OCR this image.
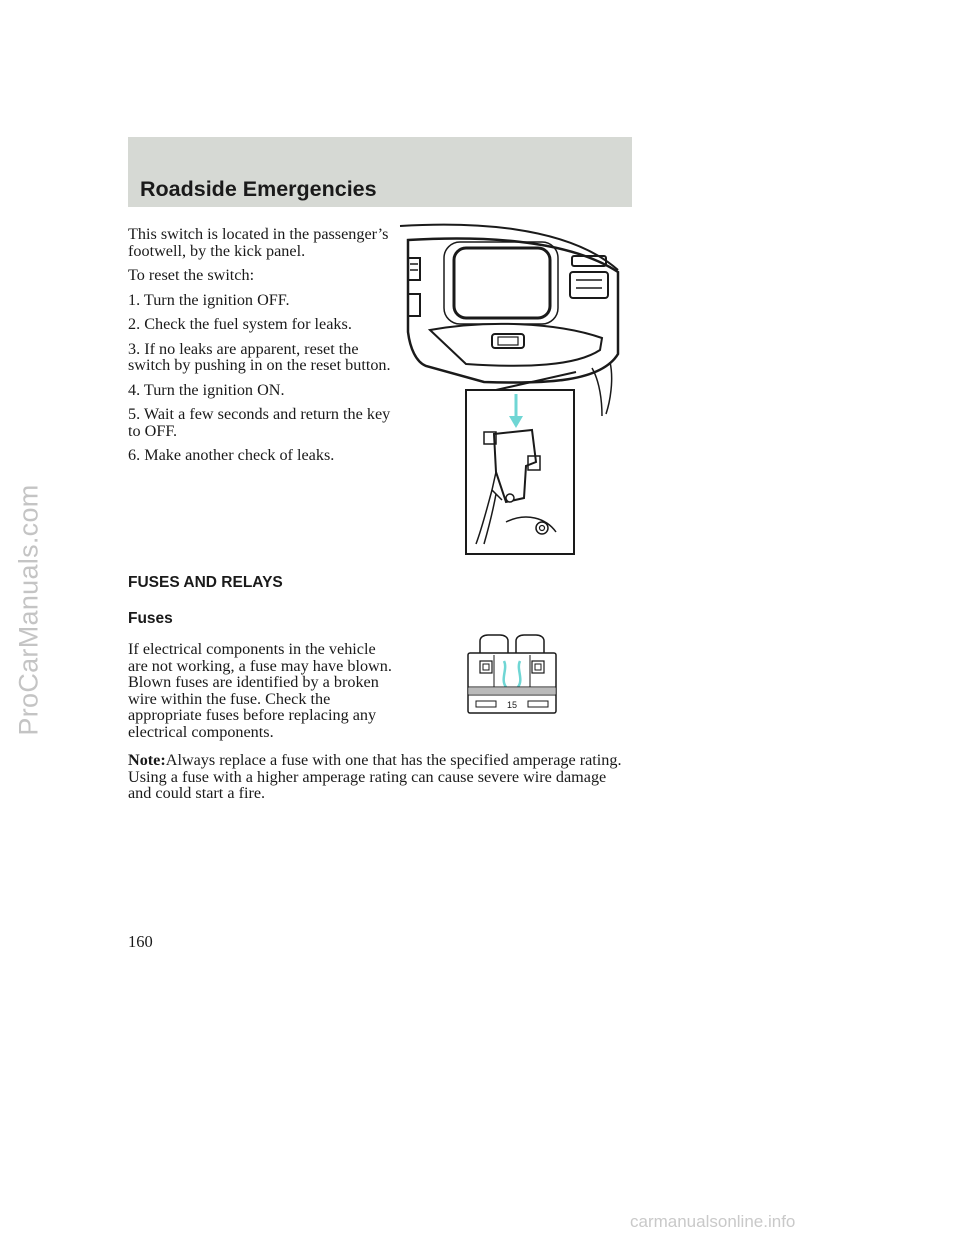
ProCarManuals.com
Roadside Emergencies

This switch is located in the passenger’s footwell, by the kick panel.

To reset the switch:

1. Turn the ignition OFF.

2. Check the fuel system for leaks.

3. If no leaks are apparent, reset the switch by pushing in on the reset button.

4. Turn the ignition ON.

5. Wait a few seconds and return the key to OFF.

6. Make another check of leaks.

FUSES AND RELAYS
Fuses

If electrical components in the vehicle are not working, a fuse may have blown. Blown fuses are identified by a broken wire within the fuse. Check the appropriate fuses before replacing any electrical components.

15

Note:Always replace a fuse with one that has the specified amperage rating. Using a fuse with a higher amperage rating can cause severe wire damage and could start a fire.

160
carmanualsonline.info
